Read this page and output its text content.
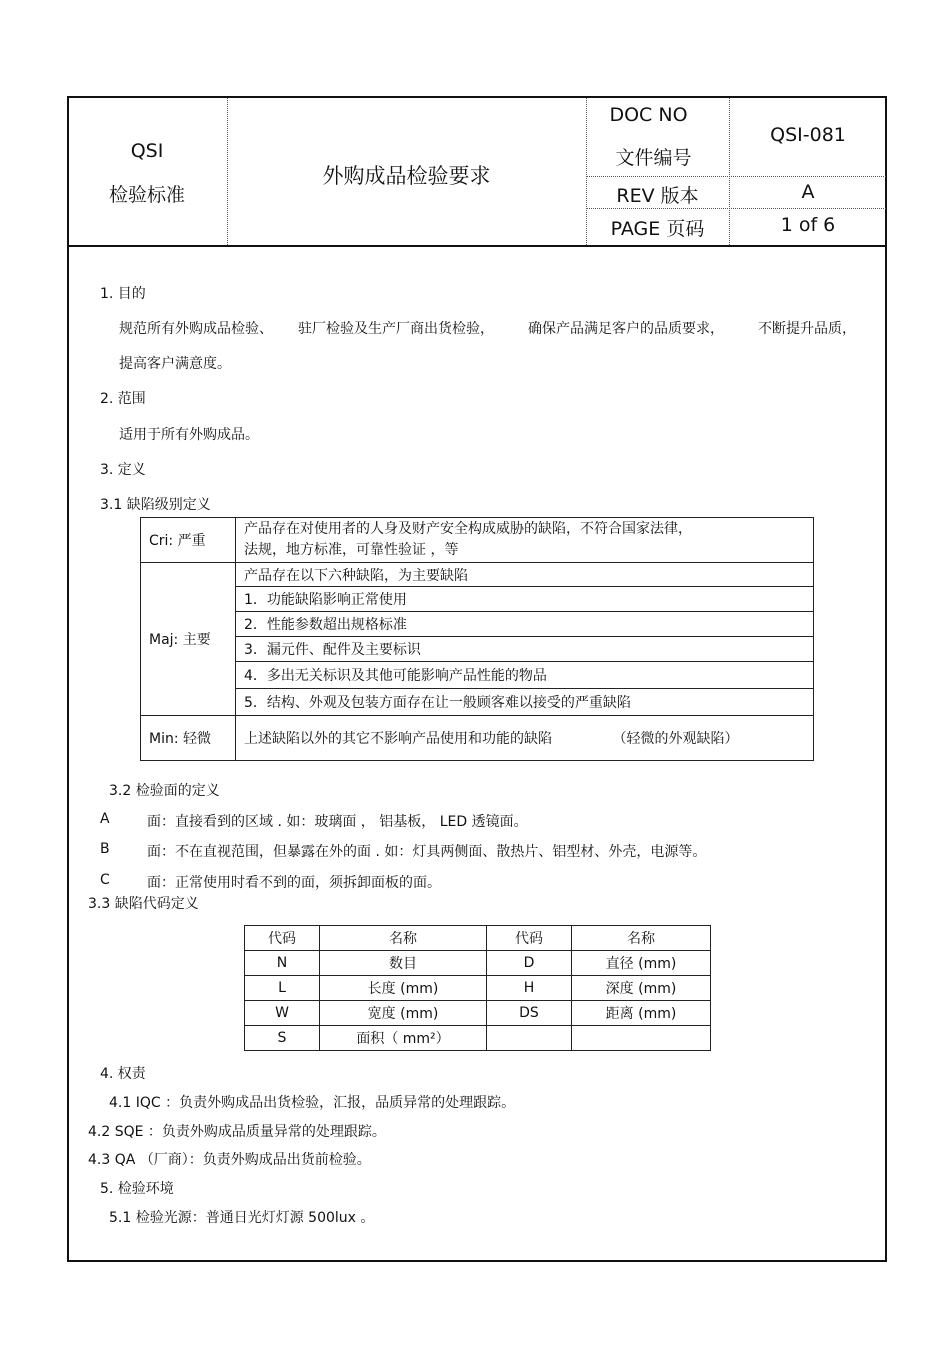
QSI
检验标准
外购成品检验要求
DOC NO
文件编号
QSI-081
REV 版本	A
PAGE 页码	1 of 6
1. 目的
规范所有外购成品检验、 驻厂检验及生产厂商出货检验， 确保产品满足客户的品质要求， 不断提升品质，
提高客户满意度。
2. 范围
适用于所有外购成品。
3. 定义
3.1 缺陷级别定义
Cri: 严重	产品存在对使用者的人身及财产安全构成威胁的缺陷，不符合国家法律，
法规，地方标准，可靠性验证 ，等

Maj: 主要	产品存在以下六种缺陷，为主要缺陷
	1．功能缺陷影响正常使用
	2．性能参数超出规格标准
	3．漏元件、配件及主要标识
	4．多出无关标识及其他可能影响产品性能的物品
	5．结构、外观及包装方面存在让一般顾客难以接受的严重缺陷
Min: 轻微	上述缺陷以外的其它不影响产品使用和功能的缺陷 （轻微的外观缺陷）
3.2 检验面的定义
A	面：直接看到的区域 . 如：玻璃面 ， 铝基板， LED 透镜面。
B	面：不在直视范围，但暴露在外的面 . 如：灯具两侧面、散热片、铝型材、外壳，电源等。
C	面：正常使用时看不到的面，须拆卸面板的面。
3.3 缺陷代码定义
代码	名称	代码	名称
N	数目	D	直径 (mm)
L	长度 (mm)	H	深度 (mm)
W	宽度 (mm)	DS	距离 (mm)
S	面积（ mm²）		
4. 权责
4.1 IQC ：负责外购成品出货检验，汇报，品质异常的处理跟踪。
4.2 SQE ：负责外购成品质量异常的处理跟踪。
4.3 QA （厂商）：负责外购成品出货前检验。
5. 检验环境
5.1 检验光源：普通日光灯灯源 500lux 。
